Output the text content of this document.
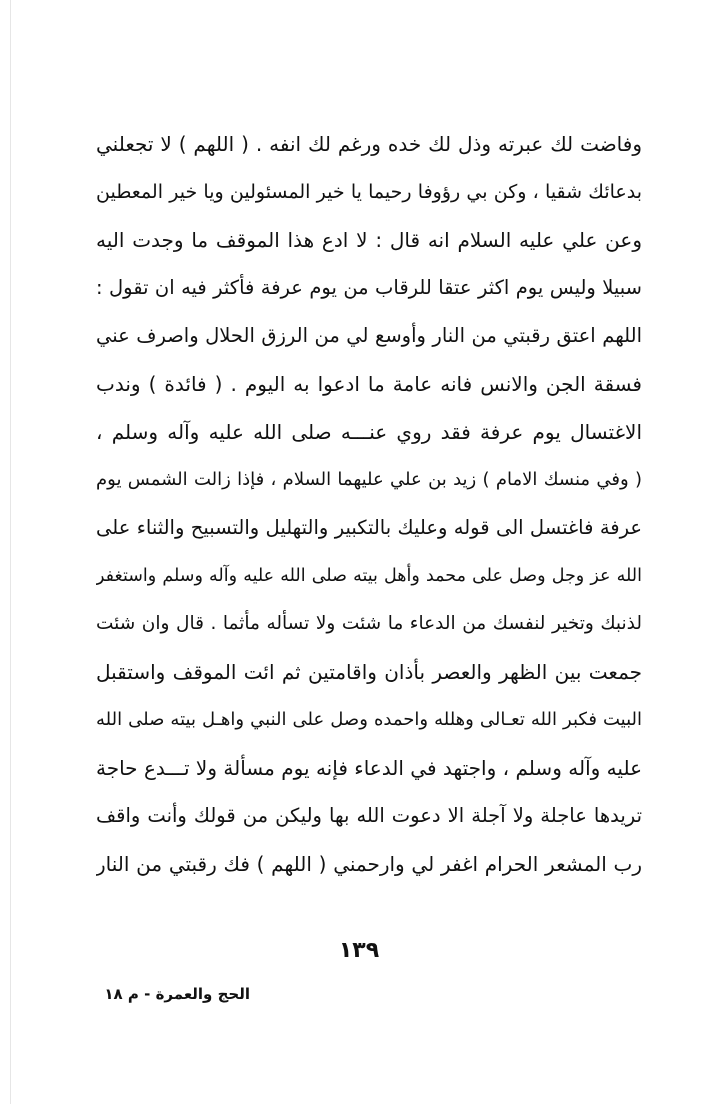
وفاضت لك عبرته وذل لك خده ورغم لك انفه . ( اللهم ) لا تجعلني
بدعائك شقيا ، وكن بي رؤوفا رحيما يا خير المسئولين ويا خير المعطين
وعن علي عليه السلام انه قال : لا ادع هذا الموقف ما وجدت اليه
سبيلا وليس يوم اكثر عتقا للرقاب من يوم عرفة فأكثر فيه ان تقول :
اللهم اعتق رقبتي من النار وأوسع لي من الرزق الحلال واصرف عني
فسقة الجن والانس فانه عامة ما ادعوا به اليوم . ( فائدة ) وندب
الاغتسال يوم عرفة فقد روي عنـــه صلى الله عليه وآله وسلم ،
( وفي منسك الامام ) زيد بن علي عليهما السلام ، فإذا زالت الشمس يوم
عرفة فاغتسل الى قوله وعليك بالتكبير والتهليل والتسبيح والثناء على
الله عز وجل وصل على محمد وأهل بيته صلى الله عليه وآله وسلم واستغفر
لذنبك وتخير لنفسك من الدعاء ما شئت ولا تسأله مأثما . قال وان شئت
جمعت بين الظهر والعصر بأذان واقامتين ثم ائت الموقف واستقبل
البيت فكبر الله تعـالى وهلله واحمده وصل على النبي واهـل بيته صلى الله
عليه وآله وسلم ، واجتهد في الدعاء فإنه يوم مسألة ولا تـــدع حاجة
تريدها عاجلة ولا آجلة الا دعوت الله بها وليكن من قولك وأنت واقف
رب المشعر الحرام اغفر لي وارحمني ( اللهم ) فك رقبتي من النار
١٣٩
الحج والعمرة - م ١٨
